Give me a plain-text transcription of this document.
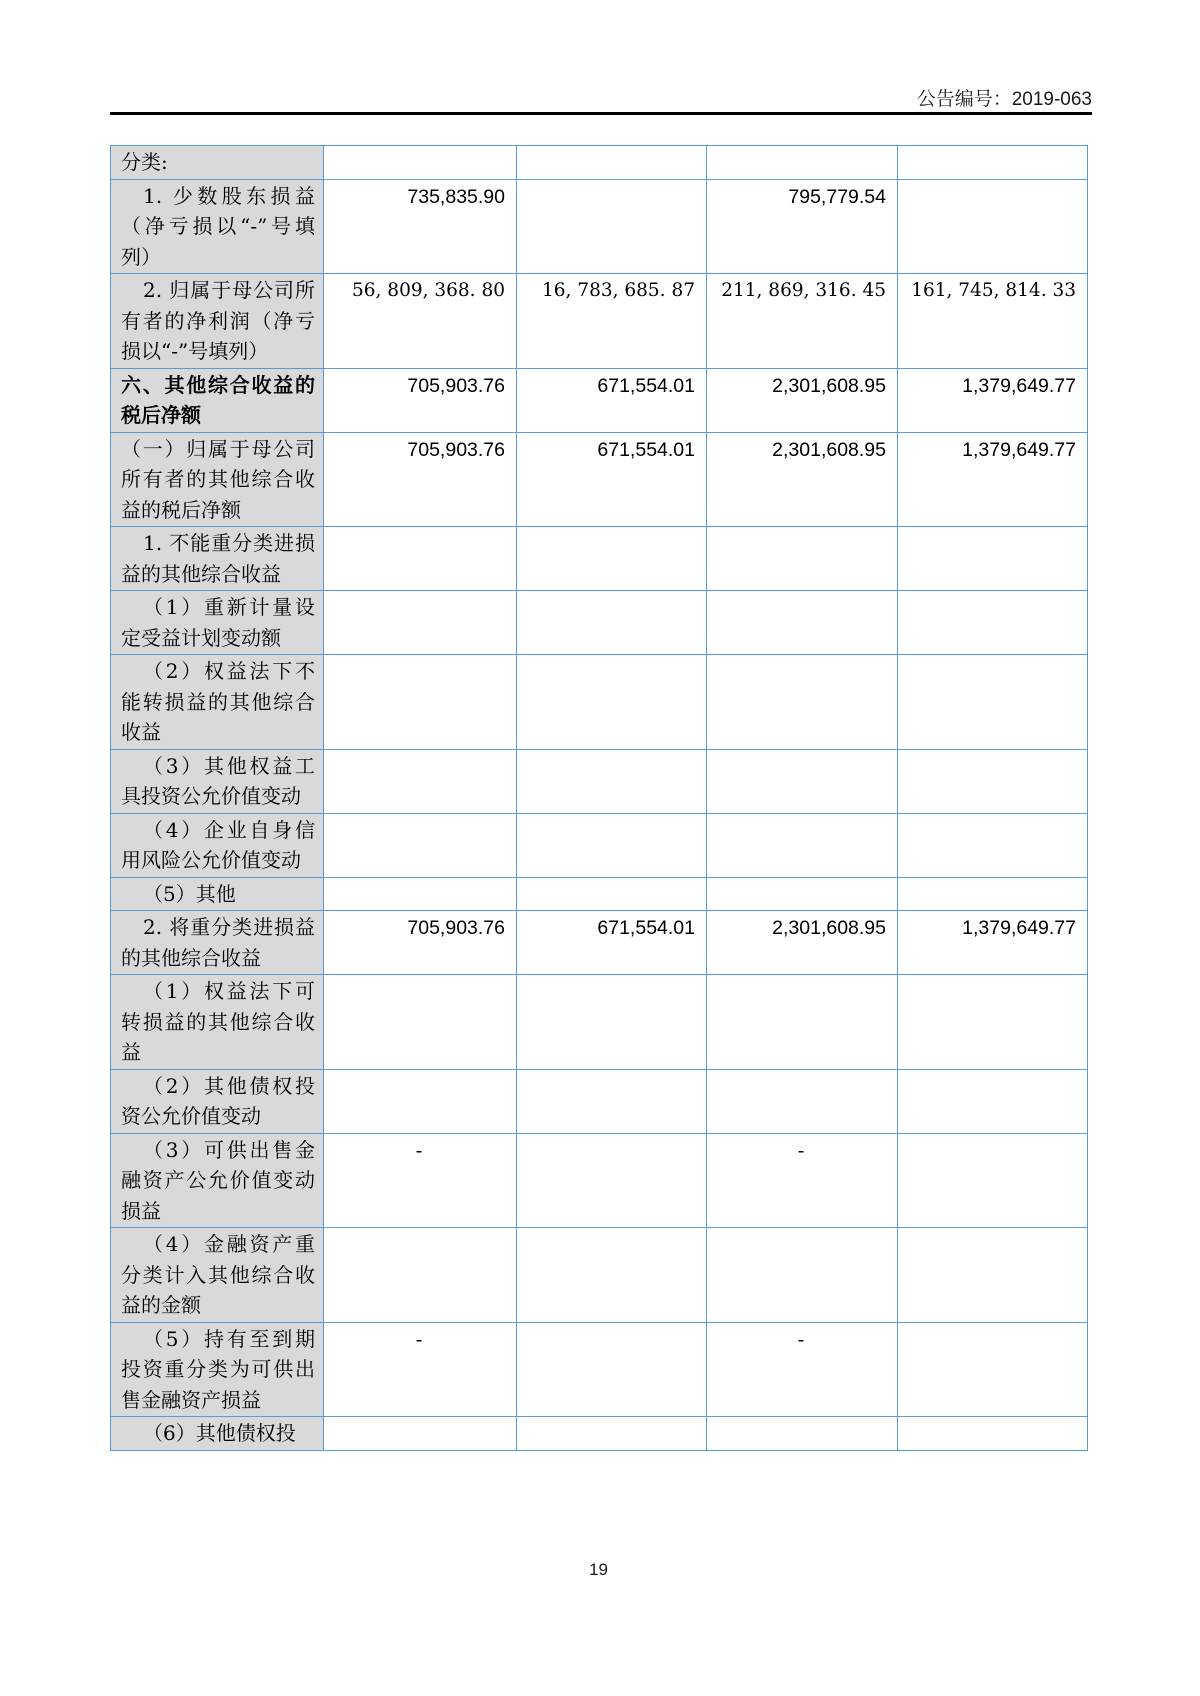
公告编号：2019-063
分类:				

1. 少数股东损益（净亏损以“-”号填列）	735,835.90		795,779.54	

2. 归属于母公司所有者的净利润（净亏损以“-”号填列）	56, 809, 368. 80	16, 783, 685. 87	211, 869, 316. 45	161, 745, 814. 33

六、其他综合收益的税后净额	705,903.76	671,554.01	2,301,608.95	1,379,649.77

（一）归属于母公司所有者的其他综合收益的税后净额	705,903.76	671,554.01	2,301,608.95	1,379,649.77

1. 不能重分类进损益的其他综合收益				

（1）重新计量设定受益计划变动额				

（2）权益法下不能转损益的其他综合收益				

（3）其他权益工具投资公允价值变动				

（4）企业自身信用风险公允价值变动				

（5）其他				

2. 将重分类进损益的其他综合收益	705,903.76	671,554.01	2,301,608.95	1,379,649.77

（1）权益法下可转损益的其他综合收益				

（2）其他债权投资公允价值变动				

（3）可供出售金融资产公允价值变动损益	-		-	

（4）金融资产重分类计入其他综合收益的金额				

（5）持有至到期投资重分类为可供出售金融资产损益	-		-	

（6）其他债权投				

19
